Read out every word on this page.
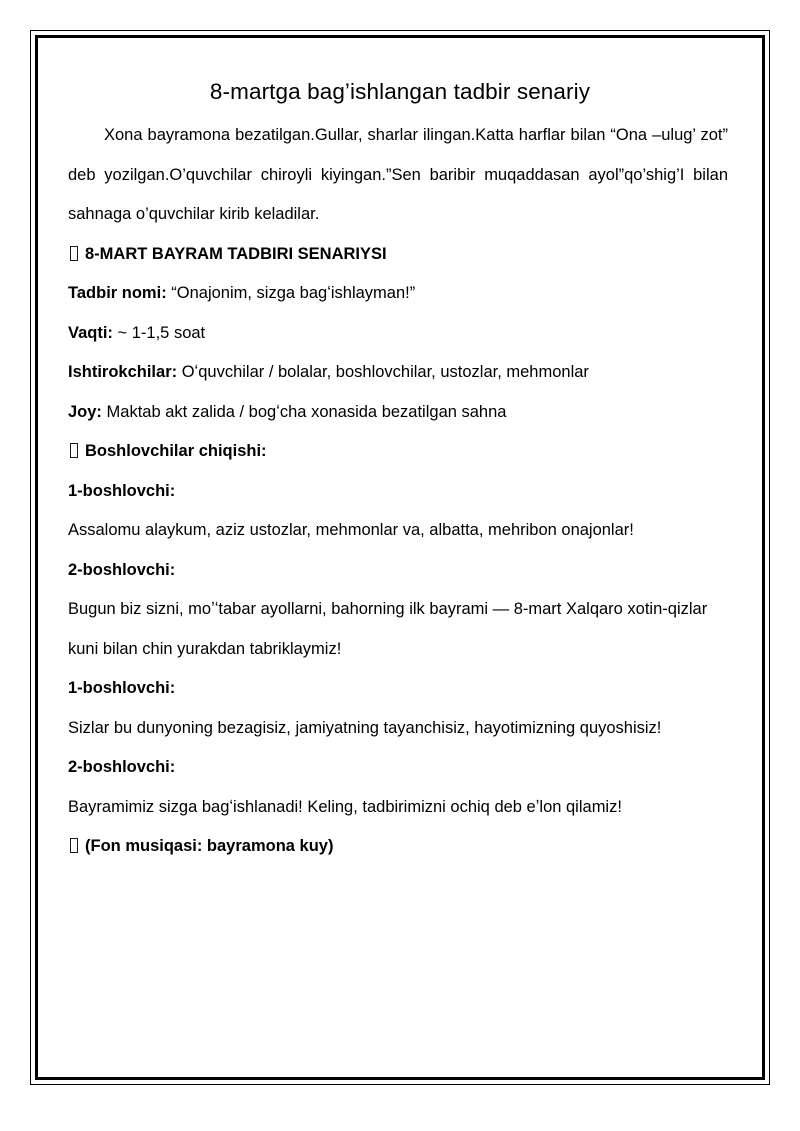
8-martga bag’ishlangan tadbir senariy

Xona bayramona bezatilgan.Gullar, sharlar ilingan.Katta harflar bilan “Ona –ulug’ zot” deb yozilgan.O’quvchilar chiroyli kiyingan.”Sen baribir muqaddasan ayol”qo’shig’I bilan sahnaga o’quvchilar kirib keladilar.

8-MART BAYRAM TADBIRI SENARIYSI

Tadbir nomi: “Onajonim, sizga bagʻishlayman!”

Vaqti: ~ 1-1,5 soat

Ishtirokchilar: Oʻquvchilar / bolalar, boshlovchilar, ustozlar, mehmonlar

Joy: Maktab akt zalida / bogʻcha xonasida bezatilgan sahna

Boshlovchilar chiqishi:

1-boshlovchi:

Assalomu alaykum, aziz ustozlar, mehmonlar va, albatta, mehribon onajonlar!

2-boshlovchi:

Bugun biz sizni, moʼʻtabar ayollarni, bahorning ilk bayrami — 8-mart Xalqaro xotin-qizlar kuni bilan chin yurakdan tabriklaymiz!

1-boshlovchi:

Sizlar bu dunyoning bezagisiz, jamiyatning tayanchisiz, hayotimizning quyoshisiz!

2-boshlovchi:

Bayramimiz sizga bagʻishlanadi! Keling, tadbirimizni ochiq deb eʼlon qilamiz!

(Fon musiqasi: bayramona kuy)
